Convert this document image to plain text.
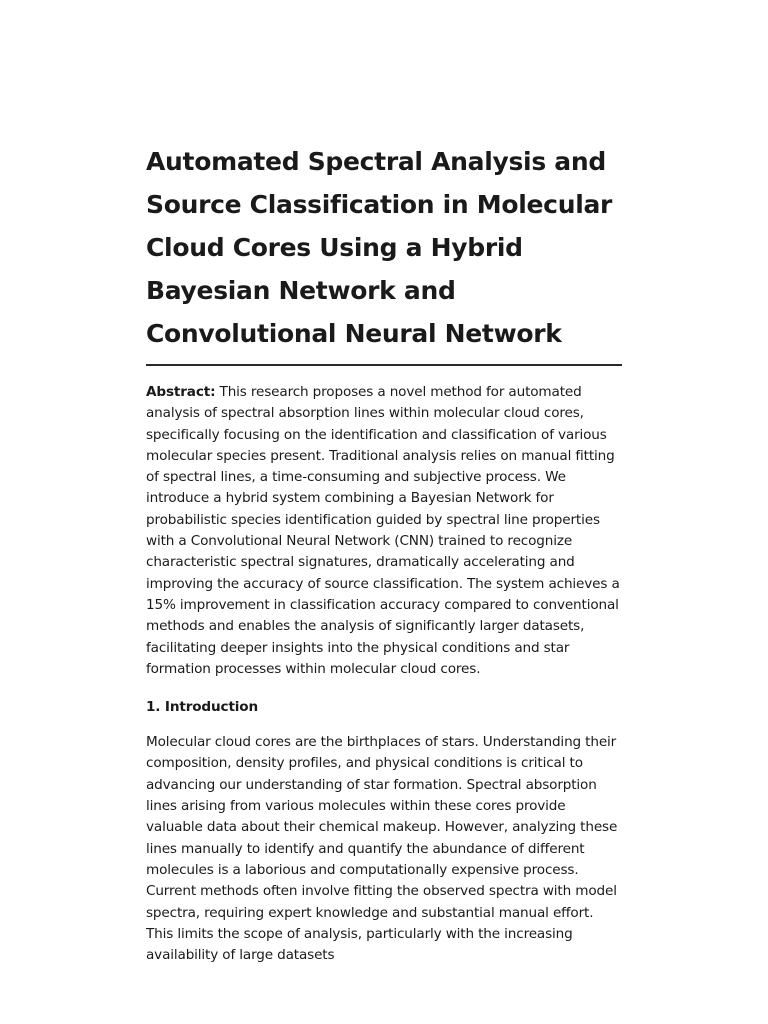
Automated Spectral Analysis and Source Classification in Molecular Cloud Cores Using a Hybrid Bayesian Network and Convolutional Neural Network

Abstract: This research proposes a novel method for automated analysis of spectral absorption lines within molecular cloud cores, specifically focusing on the identification and classification of various molecular species present. Traditional analysis relies on manual fitting of spectral lines, a time-consuming and subjective process. We introduce a hybrid system combining a Bayesian Network for probabilistic species identification guided by spectral line properties with a Convolutional Neural Network (CNN) trained to recognize characteristic spectral signatures, dramatically accelerating and improving the accuracy of source classification. The system achieves a 15% improvement in classification accuracy compared to conventional methods and enables the analysis of significantly larger datasets, facilitating deeper insights into the physical conditions and star formation processes within molecular cloud cores.

1. Introduction

Molecular cloud cores are the birthplaces of stars. Understanding their composition, density profiles, and physical conditions is critical to advancing our understanding of star formation. Spectral absorption lines arising from various molecules within these cores provide valuable data about their chemical makeup. However, analyzing these lines manually to identify and quantify the abundance of different molecules is a laborious and computationally expensive process. Current methods often involve fitting the observed spectra with model spectra, requiring expert knowledge and substantial manual effort. This limits the scope of analysis, particularly with the increasing availability of large datasets
